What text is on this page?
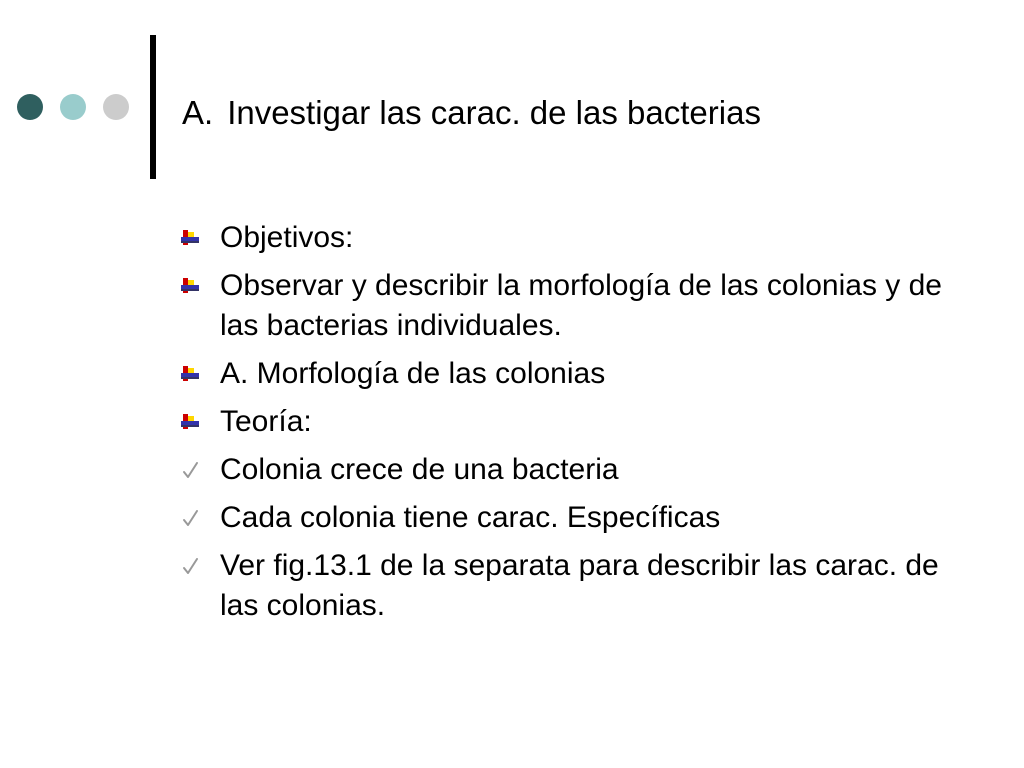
A. Investigar las carac. de las bacterias
Objetivos:
Observar y describir la morfología de las colonias y de las bacterias individuales.
A. Morfología de las colonias
Teoría:
Colonia crece de una bacteria
Cada colonia tiene carac. Específicas
Ver fig.13.1 de la separata para describir las carac. de las colonias.
